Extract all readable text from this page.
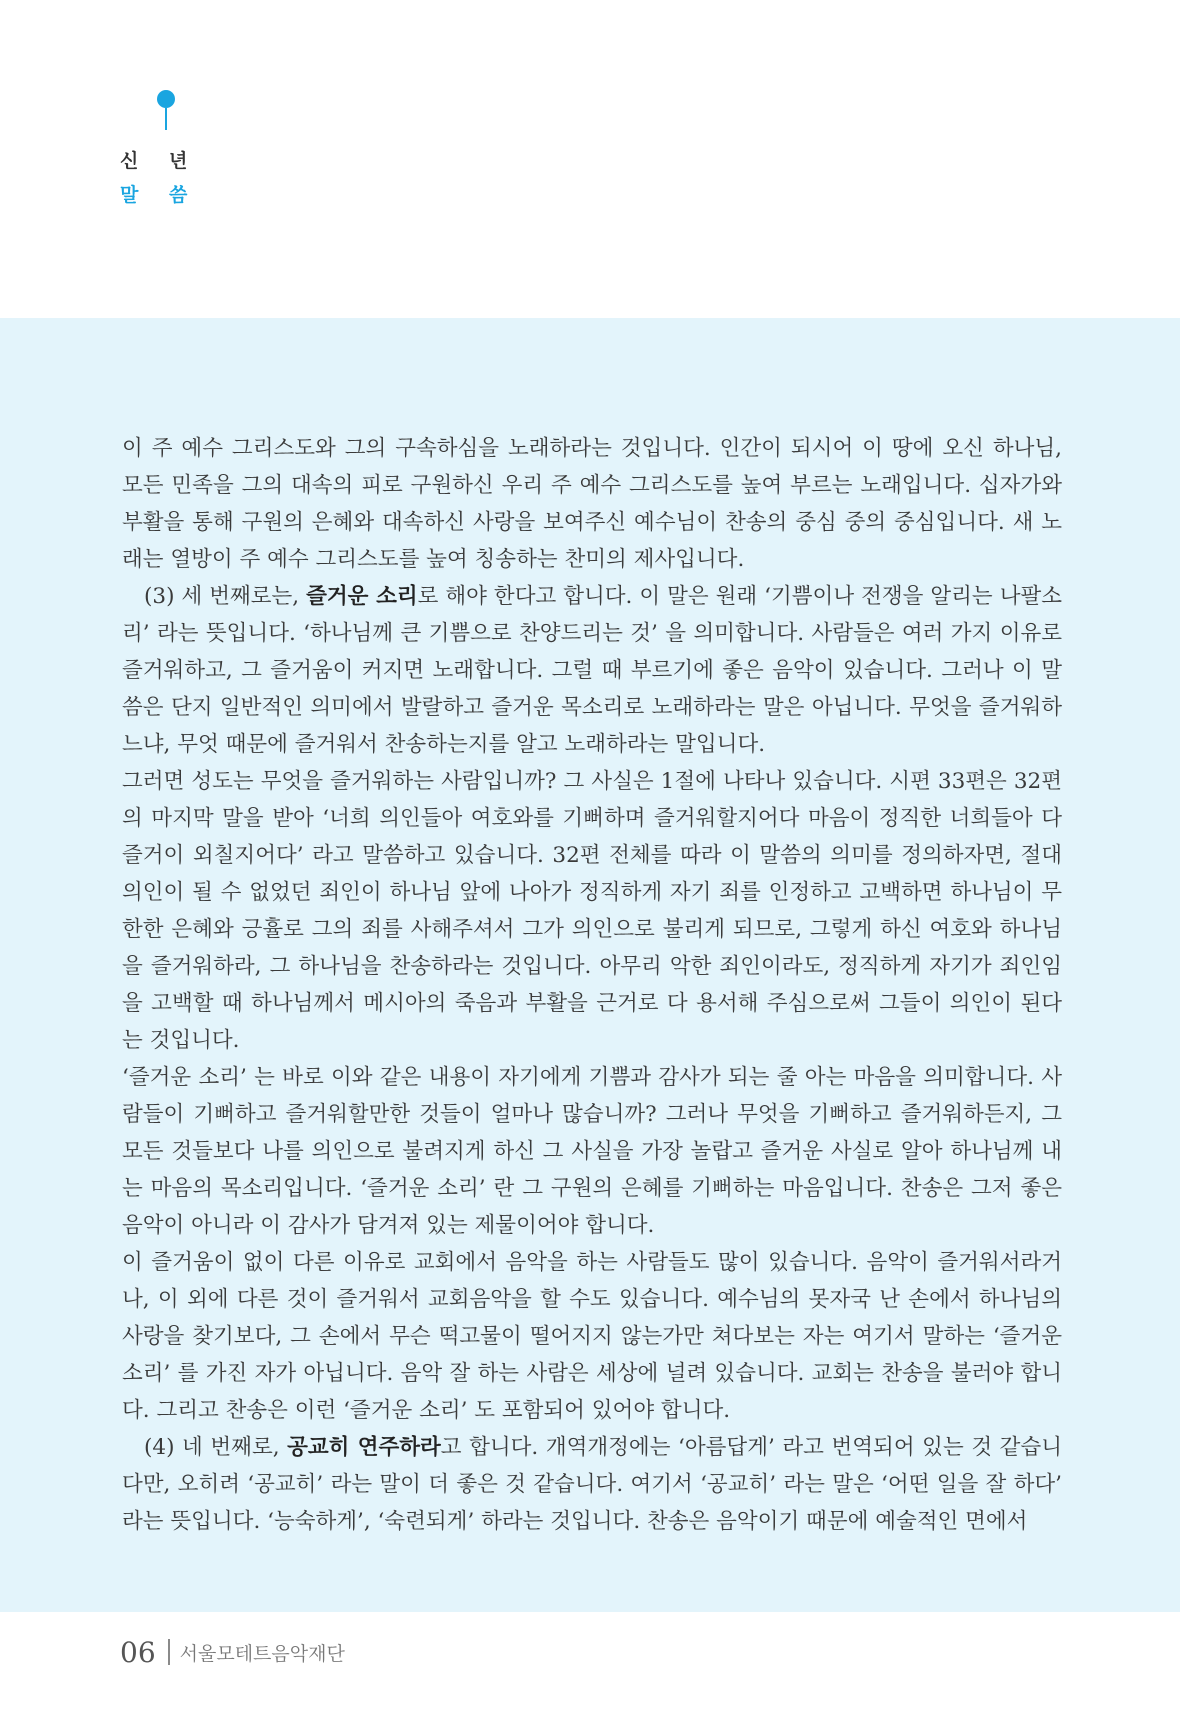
신 년
말 씀

이 주 예수 그리스도와 그의 구속하심을 노래하라는 것입니다. 인간이 되시어 이 땅에 오신 하나님, 모든 민족을 그의 대속의 피로 구원하신 우리 주 예수 그리스도를 높여 부르는 노래입니다. 십자가와 부활을 통해 구원의 은혜와 대속하신 사랑을 보여주신 예수님이 찬송의 중심 중의 중심입니다. 새 노래는 열방이 주 예수 그리스도를 높여 칭송하는 찬미의 제사입니다.

(3) 세 번째로는, 즐거운 소리로 해야 한다고 합니다. 이 말은 원래 ‘기쁨이나 전쟁을 알리는 나팔소리’ 라는 뜻입니다. ‘하나님께 큰 기쁨으로 찬양드리는 것’ 을 의미합니다. 사람들은 여러 가지 이유로 즐거워하고, 그 즐거움이 커지면 노래합니다. 그럴 때 부르기에 좋은 음악이 있습니다. 그러나 이 말씀은 단지 일반적인 의미에서 발랄하고 즐거운 목소리로 노래하라는 말은 아닙니다. 무엇을 즐거워하느냐, 무엇 때문에 즐거워서 찬송하는지를 알고 노래하라는 말입니다.

그러면 성도는 무엇을 즐거워하는 사람입니까? 그 사실은 1절에 나타나 있습니다. 시편 33편은 32편의 마지막 말을 받아 ‘너희 의인들아 여호와를 기뻐하며 즐거워할지어다 마음이 정직한 너희들아 다 즐거이 외칠지어다’ 라고 말씀하고 있습니다. 32편 전체를 따라 이 말씀의 의미를 정의하자면, 절대 의인이 될 수 없었던 죄인이 하나님 앞에 나아가 정직하게 자기 죄를 인정하고 고백하면 하나님이 무한한 은혜와 긍휼로 그의 죄를 사해주셔서 그가 의인으로 불리게 되므로, 그렇게 하신 여호와 하나님을 즐거워하라, 그 하나님을 찬송하라는 것입니다. 아무리 악한 죄인이라도, 정직하게 자기가 죄인임을 고백할 때 하나님께서 메시아의 죽음과 부활을 근거로 다 용서해 주심으로써 그들이 의인이 된다는 것입니다.

‘즐거운 소리’ 는 바로 이와 같은 내용이 자기에게 기쁨과 감사가 되는 줄 아는 마음을 의미합니다. 사람들이 기뻐하고 즐거워할만한 것들이 얼마나 많습니까? 그러나 무엇을 기뻐하고 즐거워하든지, 그 모든 것들보다 나를 의인으로 불려지게 하신 그 사실을 가장 놀랍고 즐거운 사실로 알아 하나님께 내는 마음의 목소리입니다. ‘즐거운 소리’ 란 그 구원의 은혜를 기뻐하는 마음입니다. 찬송은 그저 좋은 음악이 아니라 이 감사가 담겨져 있는 제물이어야 합니다.

이 즐거움이 없이 다른 이유로 교회에서 음악을 하는 사람들도 많이 있습니다. 음악이 즐거워서라거나, 이 외에 다른 것이 즐거워서 교회음악을 할 수도 있습니다. 예수님의 못자국 난 손에서 하나님의 사랑을 찾기보다, 그 손에서 무슨 떡고물이 떨어지지 않는가만 쳐다보는 자는 여기서 말하는 ‘즐거운 소리’ 를 가진 자가 아닙니다. 음악 잘 하는 사람은 세상에 널려 있습니다. 교회는 찬송을 불러야 합니다. 그리고 찬송은 이런 ‘즐거운 소리’ 도 포함되어 있어야 합니다.

(4) 네 번째로, 공교히 연주하라고 합니다. 개역개정에는 ‘아름답게’ 라고 번역되어 있는 것 같습니다만, 오히려 ‘공교히’ 라는 말이 더 좋은 것 같습니다. 여기서 ‘공교히’ 라는 말은 ‘어떤 일을 잘 하다’ 라는 뜻입니다. ‘능숙하게’, ‘숙련되게’ 하라는 것입니다. 찬송은 음악이기 때문에 예술적인 면에서

06 서울모테트음악재단
